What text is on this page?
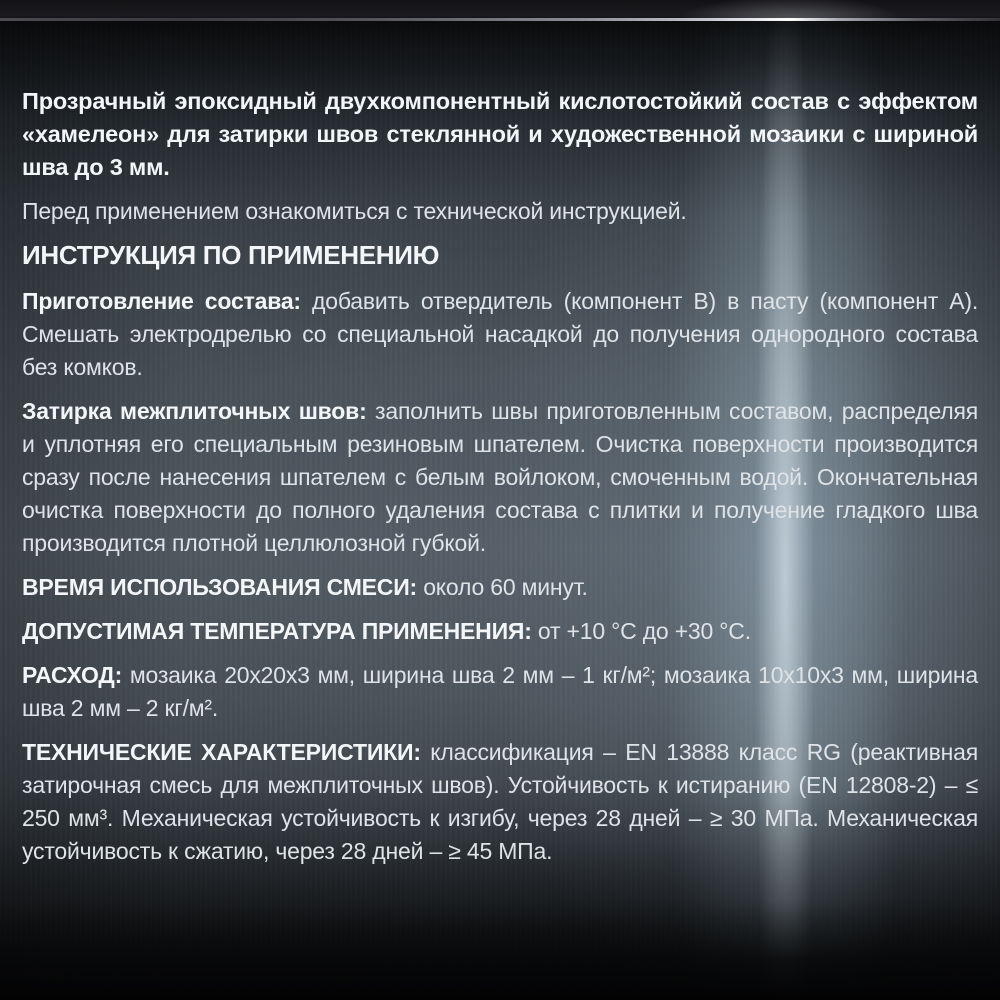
Прозрачный эпоксидный двухкомпонентный кислотостойкий состав с эффектом «хамелеон» для затирки швов стеклянной и художественной мозаики с шириной шва до 3 мм.

Перед применением ознакомиться с технической инструкцией.

ИНСТРУКЦИЯ ПО ПРИМЕНЕНИЮ

Приготовление состава: добавить отвердитель (компонент B) в пасту (компонент A). Смешать электродрелью со специальной насадкой до получения однородного состава без комков.

Затирка межплиточных швов: заполнить швы приготовленным составом, распределяя и уплотняя его специальным резиновым шпателем. Очистка поверхности производится сразу после нанесения шпателем с белым войлоком, смоченным водой. Окончательная очистка поверхности до полного удаления состава с плитки и получение гладкого шва производится плотной целлюлозной губкой.

ВРЕМЯ ИСПОЛЬЗОВАНИЯ СМЕСИ: около 60 минут.

ДОПУСТИМАЯ ТЕМПЕРАТУРА ПРИМЕНЕНИЯ: от +10 °C до +30 °C.

РАСХОД: мозаика 20х20х3 мм, ширина шва 2 мм – 1 кг/м²; мозаика 10х10х3 мм, ширина шва 2 мм – 2 кг/м².

ТЕХНИЧЕСКИЕ ХАРАКТЕРИСТИКИ: классификация – EN 13888 класс RG (реактивная затирочная смесь для межплиточных швов). Устойчивость к истиранию (EN 12808-2) – ≤ 250 мм³. Механическая устойчивость к изгибу, через 28 дней – ≥ 30 МПа. Механическая устойчивость к сжатию, через 28 дней – ≥ 45 МПа.
